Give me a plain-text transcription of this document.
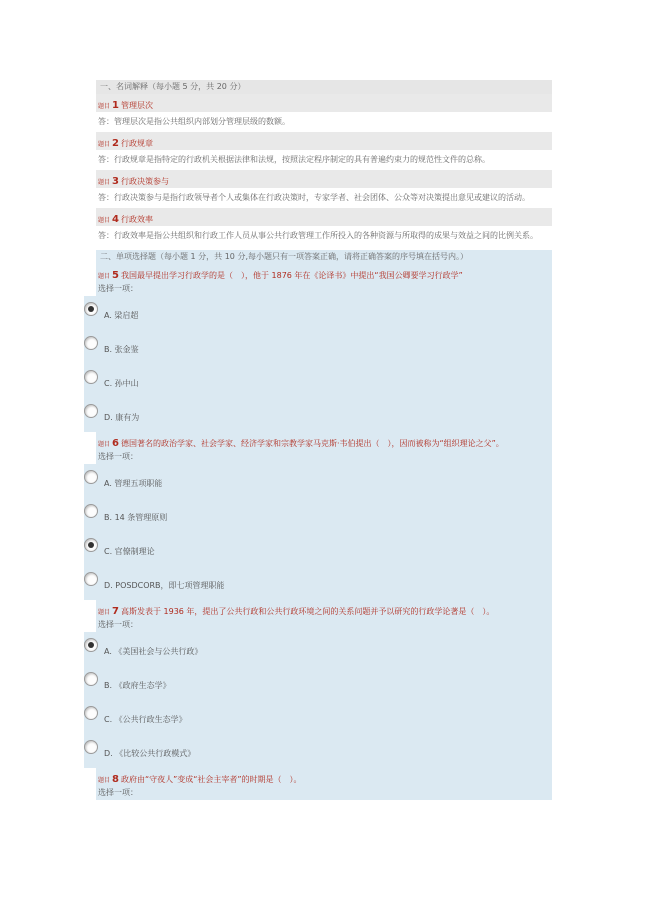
一、名词解释（每小题 5 分，共 20 分）
题目 1 管理层次
答：管理层次是指公共组织内部划分管理层级的数额。
题目 2 行政规章
答：行政规章是指特定的行政机关根据法律和法规，按照法定程序制定的具有普遍约束力的规范性文件的总称。
题目 3 行政决策参与
答：行政决策参与是指行政领导者个人或集体在行政决策时，专家学者、社会团体、公众等对决策提出意见或建议的活动。
题目 4 行政效率
答：行政效率是指公共组织和行政工作人员从事公共行政管理工作所投入的各种资源与所取得的成果与效益之间的比例关系。
二、单项选择题（每小题 1 分，共 10 分,每小题只有一项答案正确，请将正确答案的序号填在括号内。）
题目 5 我国最早提出学习行政学的是（　），他于 1876 年在《论译书》中提出“我国公卿要学习行政学”
选择一项：
A. 梁启超
B. 张金鉴
C. 孙中山
D. 康有为
题目 6 德国著名的政治学家、社会学家、经济学家和宗教学家马克斯·韦伯提出（　），因而被称为“组织理论之父”。
选择一项：
A. 管理五项职能
B. 14 条管理原则
C. 官僚制理论
D. POSDCORB，即七项管理职能
题目 7 高斯发表于 1936 年，提出了公共行政和公共行政环境之间的关系问题并予以研究的行政学论著是（　）。
选择一项：
A. 《美国社会与公共行政》
B. 《政府生态学》
C. 《公共行政生态学》
D. 《比较公共行政模式》
题目 8 政府由“守夜人”变成“社会主宰者”的时期是（　）。
选择一项：
